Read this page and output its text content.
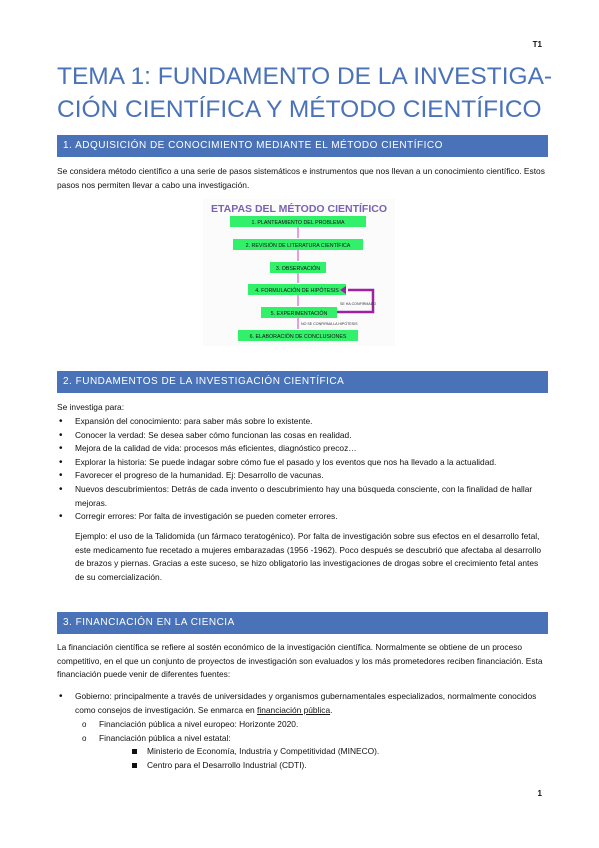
T1
TEMA 1: FUNDAMENTO DE LA INVESTIGA-
CIÓN CIENTÍFICA Y MÉTODO CIENTÍFICO
1. ADQUISICIÓN DE CONOCIMIENTO MEDIANTE EL MÉTODO CIENTÍFICO

Se considera método científico a una serie de pasos sistemáticos e instrumentos que nos llevan a un conocimiento científico. Estos pasos nos permiten llevar a cabo una investigación.

ETAPAS DEL MÉTODO CIENTÍFICO
1. PLANTEAMIENTO DEL PROBLEMA
2. REVISIÓN DE LITERATURA CIENTÍFICA
3. OBSERVACIÓN
4. FORMULACIÓN DE HIPÓTESIS
5. EXPERIMENTACIÓN
6. ELABORACIÓN DE CONCLUSIONES
SE HA CONFIRMADO
NO SE CONFIRMA LA HIPÓTESIS
2. FUNDAMENTOS DE LA INVESTIGACIÓN CIENTÍFICA

Se investiga para:

• Expansión del conocimiento: para saber más sobre lo existente.
• Conocer la verdad: Se desea saber cómo funcionan las cosas en realidad.
• Mejora de la calidad de vida: procesos más eficientes, diagnóstico precoz…
• Explorar la historia: Se puede indagar sobre cómo fue el pasado y los eventos que nos ha llevado a la actualidad.
• Favorecer el progreso de la humanidad. Ej: Desarrollo de vacunas.
• Nuevos descubrimientos: Detrás de cada invento o descubrimiento hay una búsqueda consciente, con la finalidad de hallar mejoras.
• Corregir errores: Por falta de investigación se pueden cometer errores.

Ejemplo: el uso de la Talidomida (un fármaco teratogénico). Por falta de investigación sobre sus efectos en el desarrollo fetal, este medicamento fue recetado a mujeres embarazadas (1956 -1962). Poco después se descubrió que afectaba al desarrollo de brazos y piernas. Gracias a este suceso, se hizo obligatorio las investigaciones de drogas sobre el crecimiento fetal antes de su comercialización.

3. FINANCIACIÓN EN LA CIENCIA

La financiación científica se refiere al sostén económico de la investigación científica. Normalmente se obtiene de un proceso competitivo, en el que un conjunto de proyectos de investigación son evaluados y los más prometedores reciben financiación. Esta financiación puede venir de diferentes fuentes:

• Gobierno: principalmente a través de universidades y organismos gubernamentales especializados, normalmente conocidos como consejos de investigación. Se enmarca en financiación pública.
o Financiación pública a nivel europeo: Horizonte 2020.
o Financiación pública a nivel estatal:
Ministerio de Economía, Industria y Competitividad (MINECO).
Centro para el Desarrollo Industrial (CDTI).
1
